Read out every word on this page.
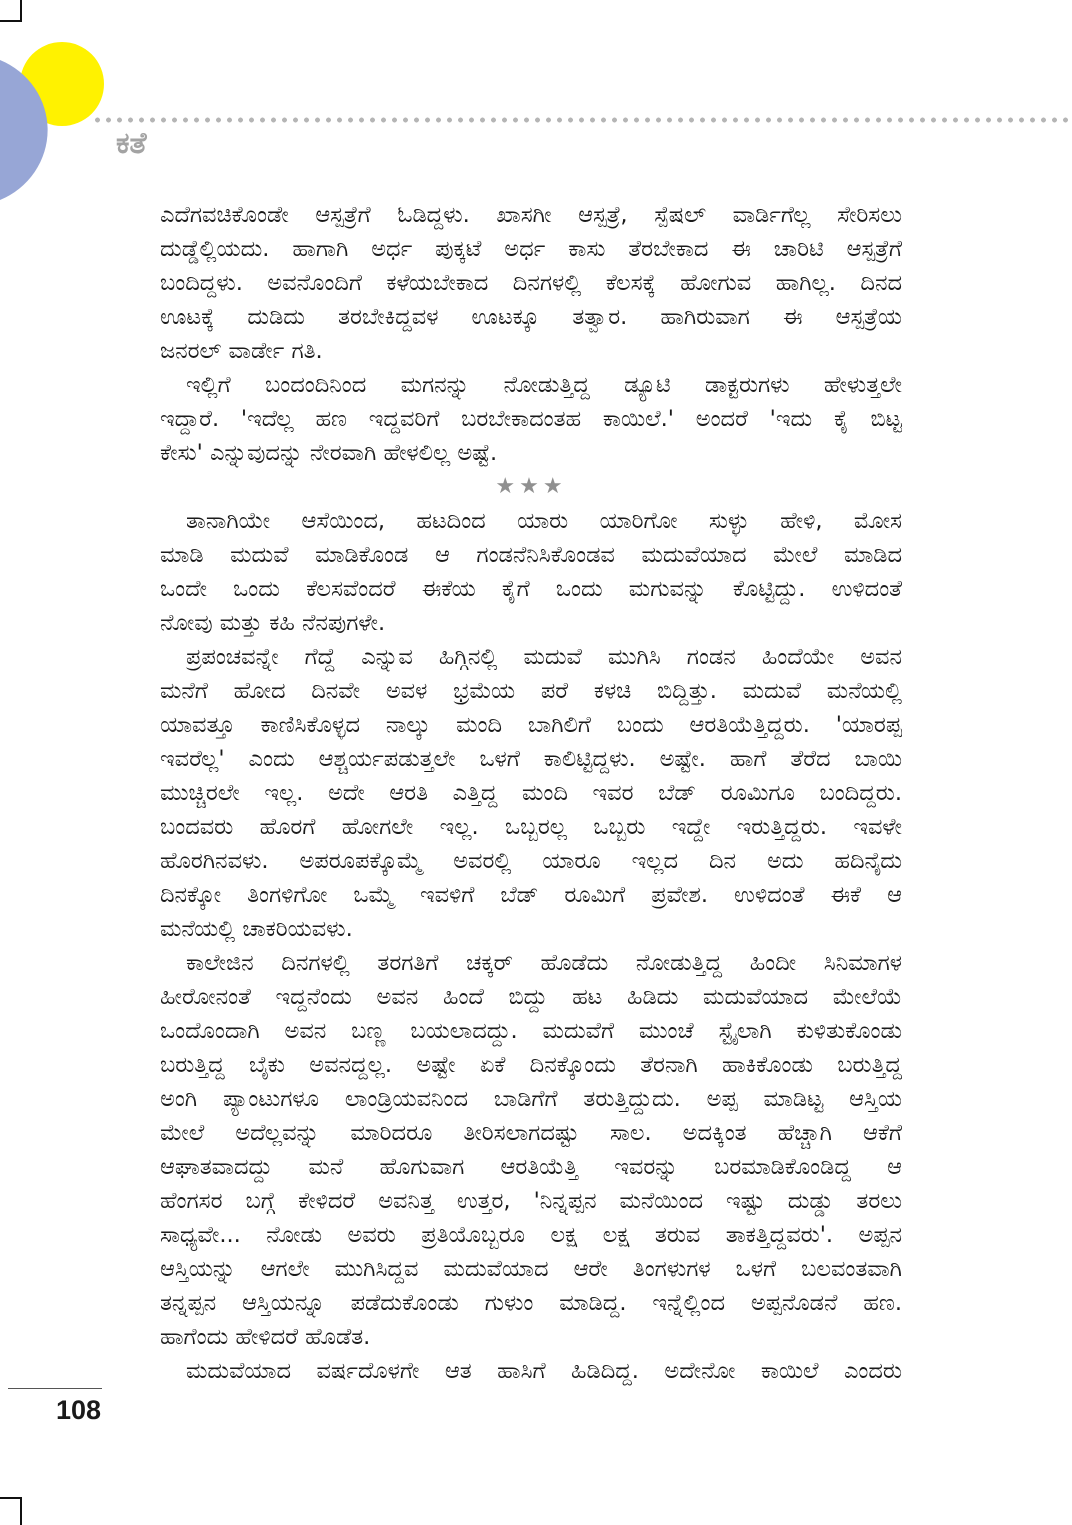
ಕತೆ
ಎದೆಗವಚಿಕೊಂಡೇ ಆಸ್ಪತ್ರೆಗೆ ಓಡಿದ್ದಳು. ಖಾಸಗೀ ಆಸ್ಪತ್ರೆ, ಸ್ಪೆಷಲ್ ವಾರ್ಡಿಗೆಲ್ಲ ಸೇರಿಸಲು
ದುಡ್ಡೆಲ್ಲಿಯದು. ಹಾಗಾಗಿ ಅರ್ಧ ಪುಕ್ಕಟೆ ಅರ್ಧ ಕಾಸು ತೆರಬೇಕಾದ ಈ ಚಾರಿಟಿ ಆಸ್ಪತ್ರೆಗೆ
ಬಂದಿದ್ದಳು. ಅವನೊಂದಿಗೆ ಕಳೆಯಬೇಕಾದ ದಿನಗಳಲ್ಲಿ ಕೆಲಸಕ್ಕೆ ಹೋಗುವ ಹಾಗಿಲ್ಲ. ದಿನದ
ಊಟಕ್ಕೆ ದುಡಿದು ತರಬೇಕಿದ್ದವಳ ಊಟಕ್ಕೂ ತತ್ವಾರ. ಹಾಗಿರುವಾಗ ಈ ಆಸ್ಪತ್ರೆಯ
ಜನರಲ್ ವಾರ್ಡೇ ಗತಿ.
ಇಲ್ಲಿಗೆ ಬಂದಂದಿನಿಂದ ಮಗನನ್ನು ನೋಡುತ್ತಿದ್ದ ಡ್ಯೂಟಿ ಡಾಕ್ಟರುಗಳು ಹೇಳುತ್ತಲೇ
ಇದ್ದಾರೆ. 'ಇದೆಲ್ಲ ಹಣ ಇದ್ದವರಿಗೆ ಬರಬೇಕಾದಂತಹ ಕಾಯಿಲೆ.' ಅಂದರೆ 'ಇದು ಕೈ ಬಿಟ್ಟ
ಕೇಸು' ಎನ್ನುವುದನ್ನು ನೇರವಾಗಿ ಹೇಳಲಿಲ್ಲ ಅಷ್ಟೆ.
★★★
ತಾನಾಗಿಯೇ ಆಸೆಯಿಂದ, ಹಟದಿಂದ ಯಾರು ಯಾರಿಗೋ ಸುಳ್ಳು ಹೇಳಿ, ಮೋಸ
ಮಾಡಿ ಮದುವೆ ಮಾಡಿಕೊಂಡ ಆ ಗಂಡನೆನಿಸಿಕೊಂಡವ ಮದುವೆಯಾದ ಮೇಲೆ ಮಾಡಿದ
ಒಂದೇ ಒಂದು ಕೆಲಸವೆಂದರೆ ಈಕೆಯ ಕೈಗೆ ಒಂದು ಮಗುವನ್ನು ಕೊಟ್ಟಿದ್ದು. ಉಳಿದಂತೆ
ನೋವು ಮತ್ತು ಕಹಿ ನೆನಪುಗಳೇ.
ಪ್ರಪಂಚವನ್ನೇ ಗೆದ್ದೆ ಎನ್ನುವ ಹಿಗ್ಗಿನಲ್ಲಿ ಮದುವೆ ಮುಗಿಸಿ ಗಂಡನ ಹಿಂದೆಯೇ ಅವನ
ಮನೆಗೆ ಹೋದ ದಿನವೇ ಅವಳ ಭ್ರಮೆಯ ಪರೆ ಕಳಚಿ ಬಿದ್ದಿತ್ತು. ಮದುವೆ ಮನೆಯಲ್ಲಿ
ಯಾವತ್ತೂ ಕಾಣಿಸಿಕೊಳ್ಳದ ನಾಲ್ಕು ಮಂದಿ ಬಾಗಿಲಿಗೆ ಬಂದು ಆರತಿಯೆತ್ತಿದ್ದರು. 'ಯಾರಪ್ಪ
ಇವರೆಲ್ಲ' ಎಂದು ಆಶ್ಚರ್ಯಪಡುತ್ತಲೇ ಒಳಗೆ ಕಾಲಿಟ್ಟಿದ್ದಳು. ಅಷ್ಟೇ. ಹಾಗೆ ತೆರೆದ ಬಾಯಿ
ಮುಚ್ಚಿರಲೇ ಇಲ್ಲ. ಅದೇ ಆರತಿ ಎತ್ತಿದ್ದ ಮಂದಿ ಇವರ ಬೆಡ್ ರೂಮಿಗೂ ಬಂದಿದ್ದರು.
ಬಂದವರು ಹೊರಗೆ ಹೋಗಲೇ ಇಲ್ಲ. ಒಬ್ಬರಲ್ಲ ಒಬ್ಬರು ಇದ್ದೇ ಇರುತ್ತಿದ್ದರು. ಇವಳೇ
ಹೊರಗಿನವಳು. ಅಪರೂಪಕ್ಕೊಮ್ಮೆ ಅವರಲ್ಲಿ ಯಾರೂ ಇಲ್ಲದ ದಿನ ಅದು ಹದಿನೈದು
ದಿನಕ್ಕೋ ತಿಂಗಳಿಗೋ ಒಮ್ಮೆ ಇವಳಿಗೆ ಬೆಡ್ ರೂಮಿಗೆ ಪ್ರವೇಶ. ಉಳಿದಂತೆ ಈಕೆ ಆ
ಮನೆಯಲ್ಲಿ ಚಾಕರಿಯವಳು.
ಕಾಲೇಜಿನ ದಿನಗಳಲ್ಲಿ ತರಗತಿಗೆ ಚಕ್ಕರ್ ಹೊಡೆದು ನೋಡುತ್ತಿದ್ದ ಹಿಂದೀ ಸಿನಿಮಾಗಳ
ಹೀರೋನಂತೆ ಇದ್ದನೆಂದು ಅವನ ಹಿಂದೆ ಬಿದ್ದು ಹಟ ಹಿಡಿದು ಮದುವೆಯಾದ ಮೇಲೆಯೆ
ಒಂದೊಂದಾಗಿ ಅವನ ಬಣ್ಣ ಬಯಲಾದದ್ದು. ಮದುವೆಗೆ ಮುಂಚೆ ಸ್ಟೈಲಾಗಿ ಕುಳಿತುಕೊಂಡು
ಬರುತ್ತಿದ್ದ ಬೈಕು ಅವನದ್ದಲ್ಲ. ಅಷ್ಟೇ ಏಕೆ ದಿನಕ್ಕೊಂದು ತೆರನಾಗಿ ಹಾಕಿಕೊಂಡು ಬರುತ್ತಿದ್ದ
ಅಂಗಿ ಪ್ಯಾಂಟುಗಳೂ ಲಾಂಡ್ರಿಯವನಿಂದ ಬಾಡಿಗೆಗೆ ತರುತ್ತಿದ್ದುದು. ಅಪ್ಪ ಮಾಡಿಟ್ಟ ಆಸ್ತಿಯ
ಮೇಲೆ ಅದೆಲ್ಲವನ್ನು ಮಾರಿದರೂ ತೀರಿಸಲಾಗದಷ್ಟು ಸಾಲ. ಅದಕ್ಕಿಂತ ಹೆಚ್ಚಾಗಿ ಆಕೆಗೆ
ಆಘಾತವಾದದ್ದು ಮನೆ ಹೊಗುವಾಗ ಆರತಿಯೆತ್ತಿ ಇವರನ್ನು ಬರಮಾಡಿಕೊಂಡಿದ್ದ ಆ
ಹೆಂಗಸರ ಬಗ್ಗೆ ಕೇಳಿದರೆ ಅವನಿತ್ತ ಉತ್ತರ, 'ನಿನ್ನಪ್ಪನ ಮನೆಯಿಂದ ಇಷ್ಟು ದುಡ್ಡು ತರಲು
ಸಾಧ್ಯವೇ... ನೋಡು ಅವರು ಪ್ರತಿಯೊಬ್ಬರೂ ಲಕ್ಷ ಲಕ್ಷ ತರುವ ತಾಕತ್ತಿದ್ದವರು'. ಅಪ್ಪನ
ಆಸ್ತಿಯನ್ನು ಆಗಲೇ ಮುಗಿಸಿದ್ದವ ಮದುವೆಯಾದ ಆರೇ ತಿಂಗಳುಗಳ ಒಳಗೆ ಬಲವಂತವಾಗಿ
ತನ್ನಪ್ಪನ ಆಸ್ತಿಯನ್ನೂ ಪಡೆದುಕೊಂಡು ಗುಳುಂ ಮಾಡಿದ್ದ. ಇನ್ನೆಲ್ಲಿಂದ ಅಪ್ಪನೊಡನೆ ಹಣ.
ಹಾಗೆಂದು ಹೇಳಿದರೆ ಹೊಡೆತ.
ಮದುವೆಯಾದ ವರ್ಷದೊಳಗೇ ಆತ ಹಾಸಿಗೆ ಹಿಡಿದಿದ್ದ. ಅದೇನೋ ಕಾಯಿಲೆ ಎಂದರು
108
